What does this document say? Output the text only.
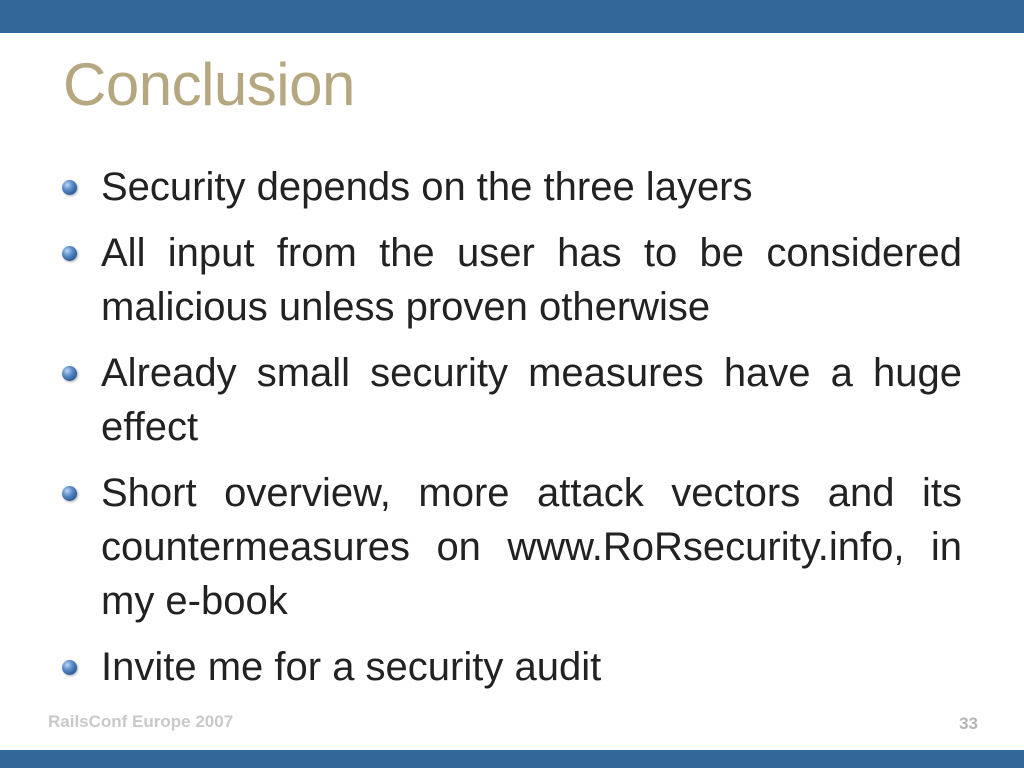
Conclusion
Security depends on the three layers
All input from the user has to be considered malicious unless proven otherwise
Already small security measures have a huge effect
Short overview, more attack vectors and its countermeasures on www.RoRsecurity.info, in my e-book
Invite me for a security audit
RailsConf Europe 2007	33
